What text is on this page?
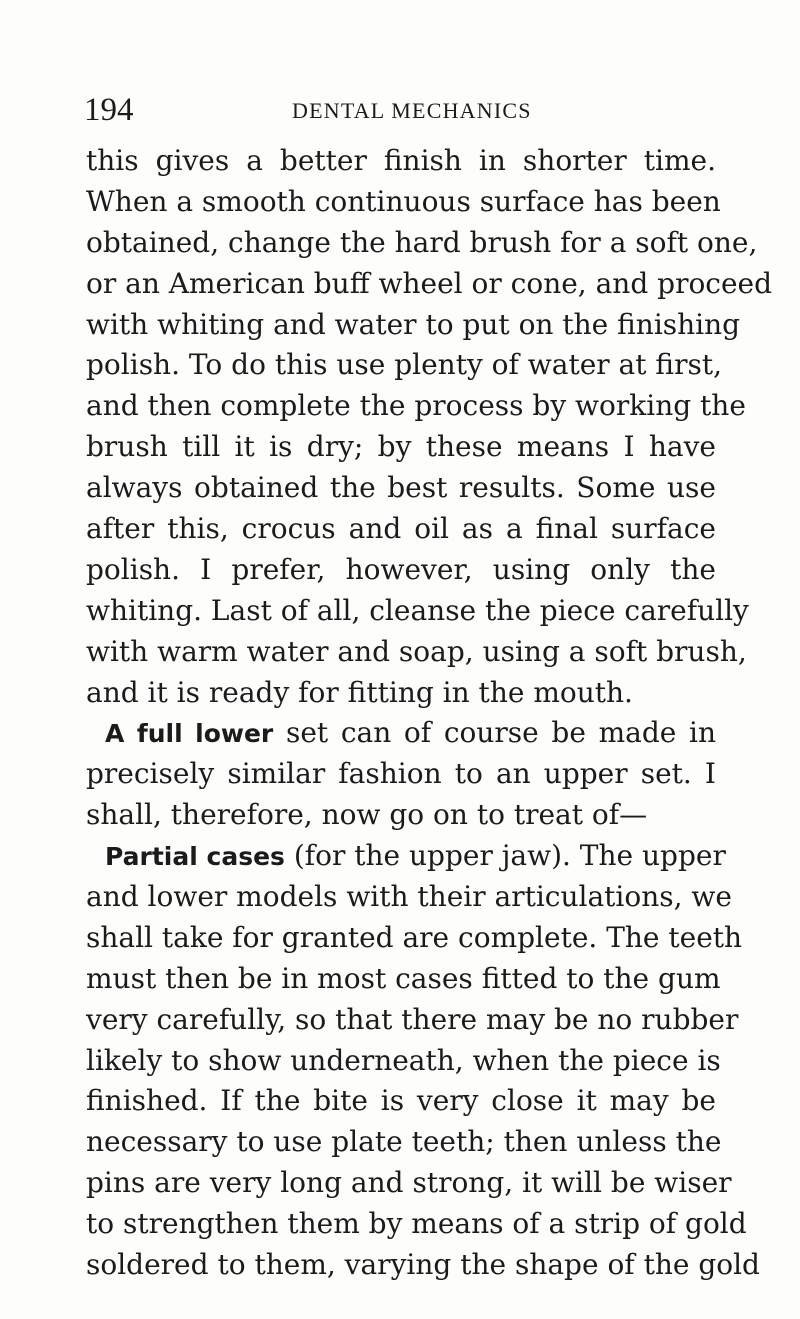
194	DENTAL MECHANICS
this gives a better finish in shorter time.
When a smooth continuous surface has been
obtained, change the hard brush for a soft one,
or an American buff wheel or cone, and proceed
with whiting and water to put on the finishing
polish. To do this use plenty of water at first,
and then complete the process by working the
brush till it is dry; by these means I have
always obtained the best results. Some use
after this, crocus and oil as a final surface
polish. I prefer, however, using only the
whiting. Last of all, cleanse the piece carefully
with warm water and soap, using a soft brush,
and it is ready for fitting in the mouth.
A full lower set can of course be made in
precisely similar fashion to an upper set. I
shall, therefore, now go on to treat of—
Partial cases (for the upper jaw). The upper
and lower models with their articulations, we
shall take for granted are complete. The teeth
must then be in most cases fitted to the gum
very carefully, so that there may be no rubber
likely to show underneath, when the piece is
finished. If the bite is very close it may be
necessary to use plate teeth; then unless the
pins are very long and strong, it will be wiser
to strengthen them by means of a strip of gold
soldered to them, varying the shape of the gold
